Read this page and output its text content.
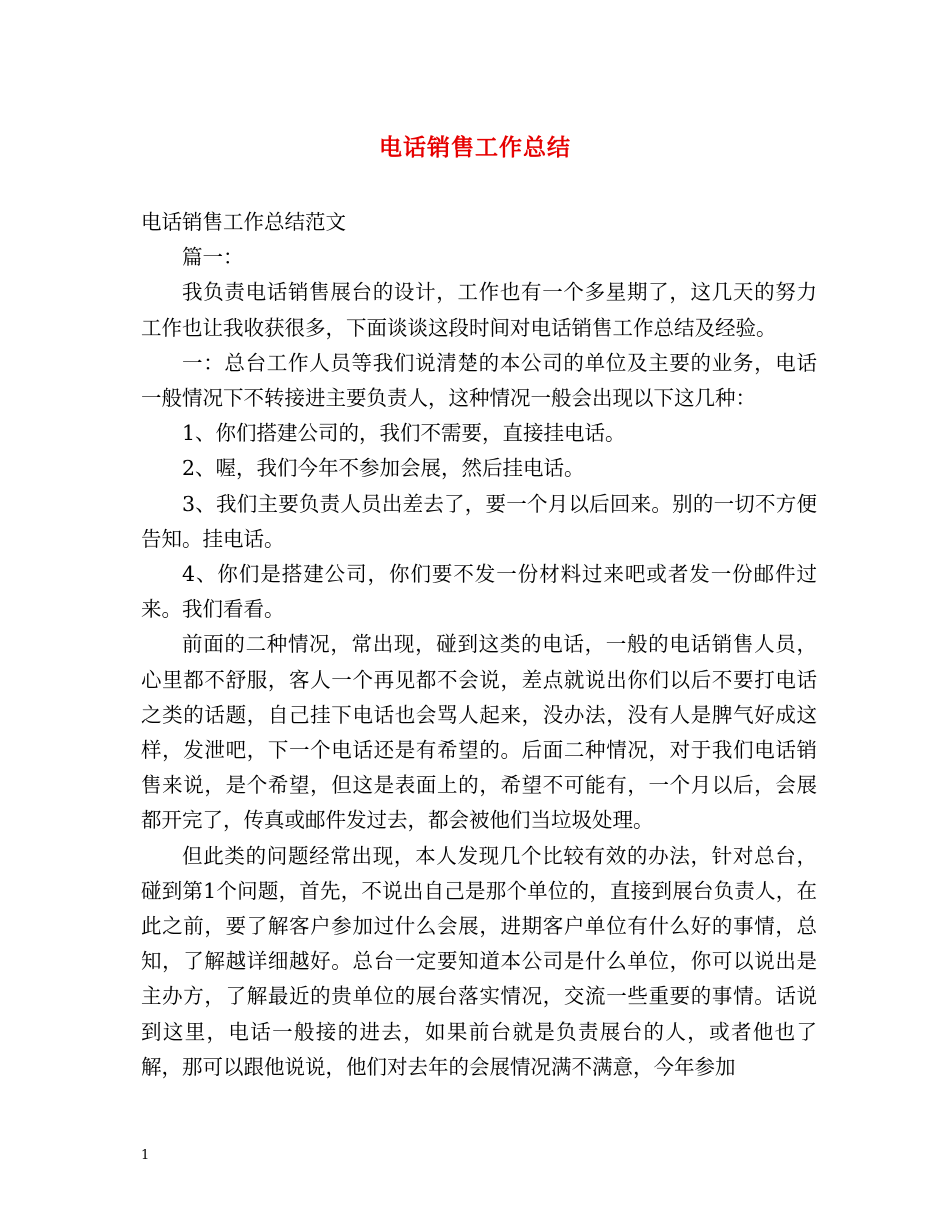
电话销售工作总结

电话销售工作总结范文

篇一：

我负责电话销售展台的设计，工作也有一个多星期了，这几天的努力工作也让我收获很多，下面谈谈这段时间对电话销售工作总结及经验。

一：总台工作人员等我们说清楚的本公司的单位及主要的业务，电话一般情况下不转接进主要负责人，这种情况一般会出现以下这几种：

1、你们搭建公司的，我们不需要，直接挂电话。

2、喔，我们今年不参加会展，然后挂电话。

3、我们主要负责人员出差去了，要一个月以后回来。别的一切不方便告知。挂电话。

4、你们是搭建公司，你们要不发一份材料过来吧或者发一份邮件过来。我们看看。

前面的二种情况，常出现，碰到这类的电话，一般的电话销售人员，心里都不舒服，客人一个再见都不会说，差点就说出你们以后不要打电话之类的话题，自己挂下电话也会骂人起来，没办法，没有人是脾气好成这样，发泄吧，下一个电话还是有希望的。后面二种情况，对于我们电话销售来说，是个希望，但这是表面上的，希望不可能有，一个月以后，会展都开完了，传真或邮件发过去，都会被他们当垃圾处理。

但此类的问题经常出现，本人发现几个比较有效的办法，针对总台，碰到第1个问题，首先，不说出自己是那个单位的，直接到展台负责人，在此之前，要了解客户参加过什么会展，进期客户单位有什么好的事情，总知，了解越详细越好。总台一定要知道本公司是什么单位，你可以说出是主办方，了解最近的贵单位的展台落实情况，交流一些重要的事情。话说到这里，电话一般接的进去，如果前台就是负责展台的人，或者他也了解，那可以跟他说说，他们对去年的会展情况满不满意，今年参加

1
